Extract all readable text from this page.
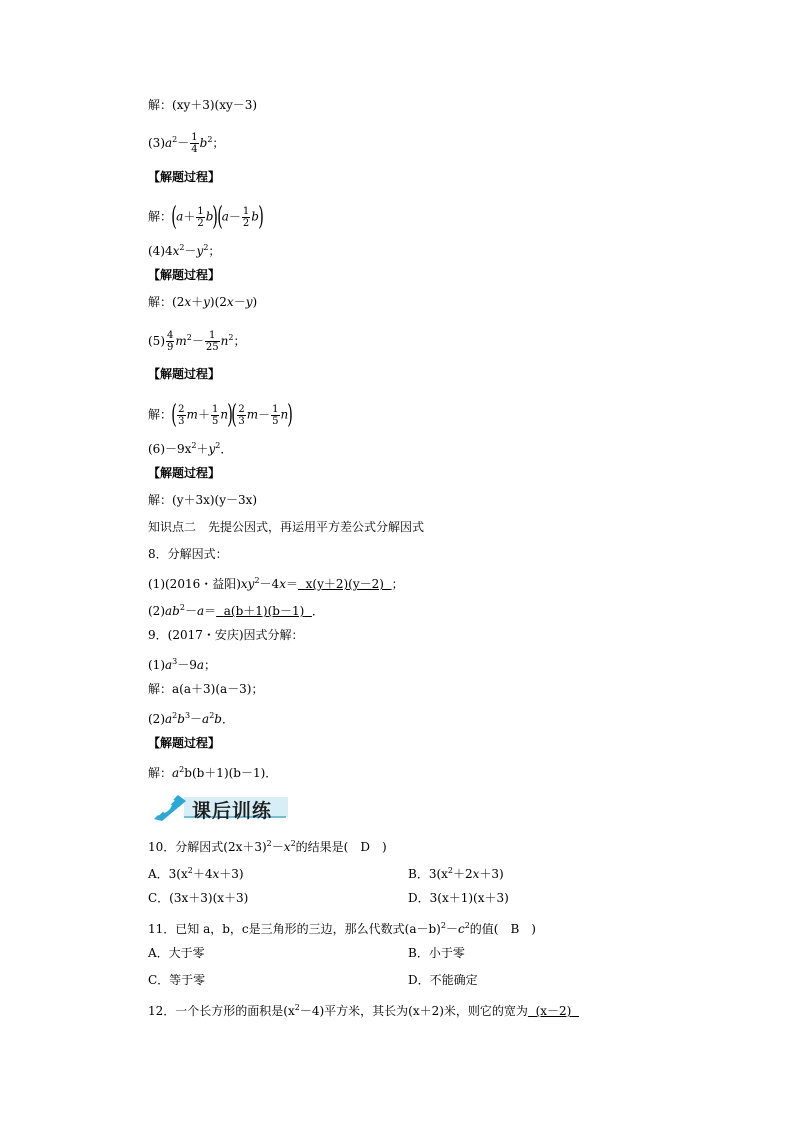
解：(xy＋3)(xy－3)
$(3)a^2- \frac{1}{4} b^2$；
【解题过程】
解：$(a+ \frac{1}{2} b)(a- \frac{1}{2} b)$
$(4)4x^2-y^2$；
【解题过程】
解：(2x＋y)(2x－y)
$(5) \frac{4}{9} m^2- \frac{1}{25} n^2$；
【解题过程】
解：( $\frac{2}{3} m+ \frac{1}{5} n)( \frac{2}{3} m- \frac{1}{5} n)$
$(6)-9x^2+y^2$．
【解题过程】
解：(y＋3x)(y－3x)
知识点二　先提公因式，再运用平方差公式分解因式
8．分解因式：
(1)(2016・益阳)$xy^2-4x= x(y+2)(y-2)$ ；
$(2)ab^2-a= a(b+1)(b-1)$ ．
9．(2017・安庆)因式分解：
$(1)a^3-9a$；
解：a(a＋3)(a－3)；
$(2)a^2b^3-a^2b$．
【解题过程】
解：$a^2b(b+1)(b-1)$．
课后训练
10．分解因式$(2x+3)^2-x^2$的结果是(　D　)
A．$3(x^2+4x+3)$	B．$3(x^2+2x+3)$
C．(3x＋3)(x＋3)	D．3(x＋1)(x＋3)
11．已知 a，b，c是三角形的三边，那么代数式$(a-b)^2-c^2$的值(　B　)
A．大于零	B．小于零
C．等于零	D．不能确定
12．一个长方形的面积是$(x^2-4)$平方米，其长为(x＋2)米，则它的宽为 (x－2)
